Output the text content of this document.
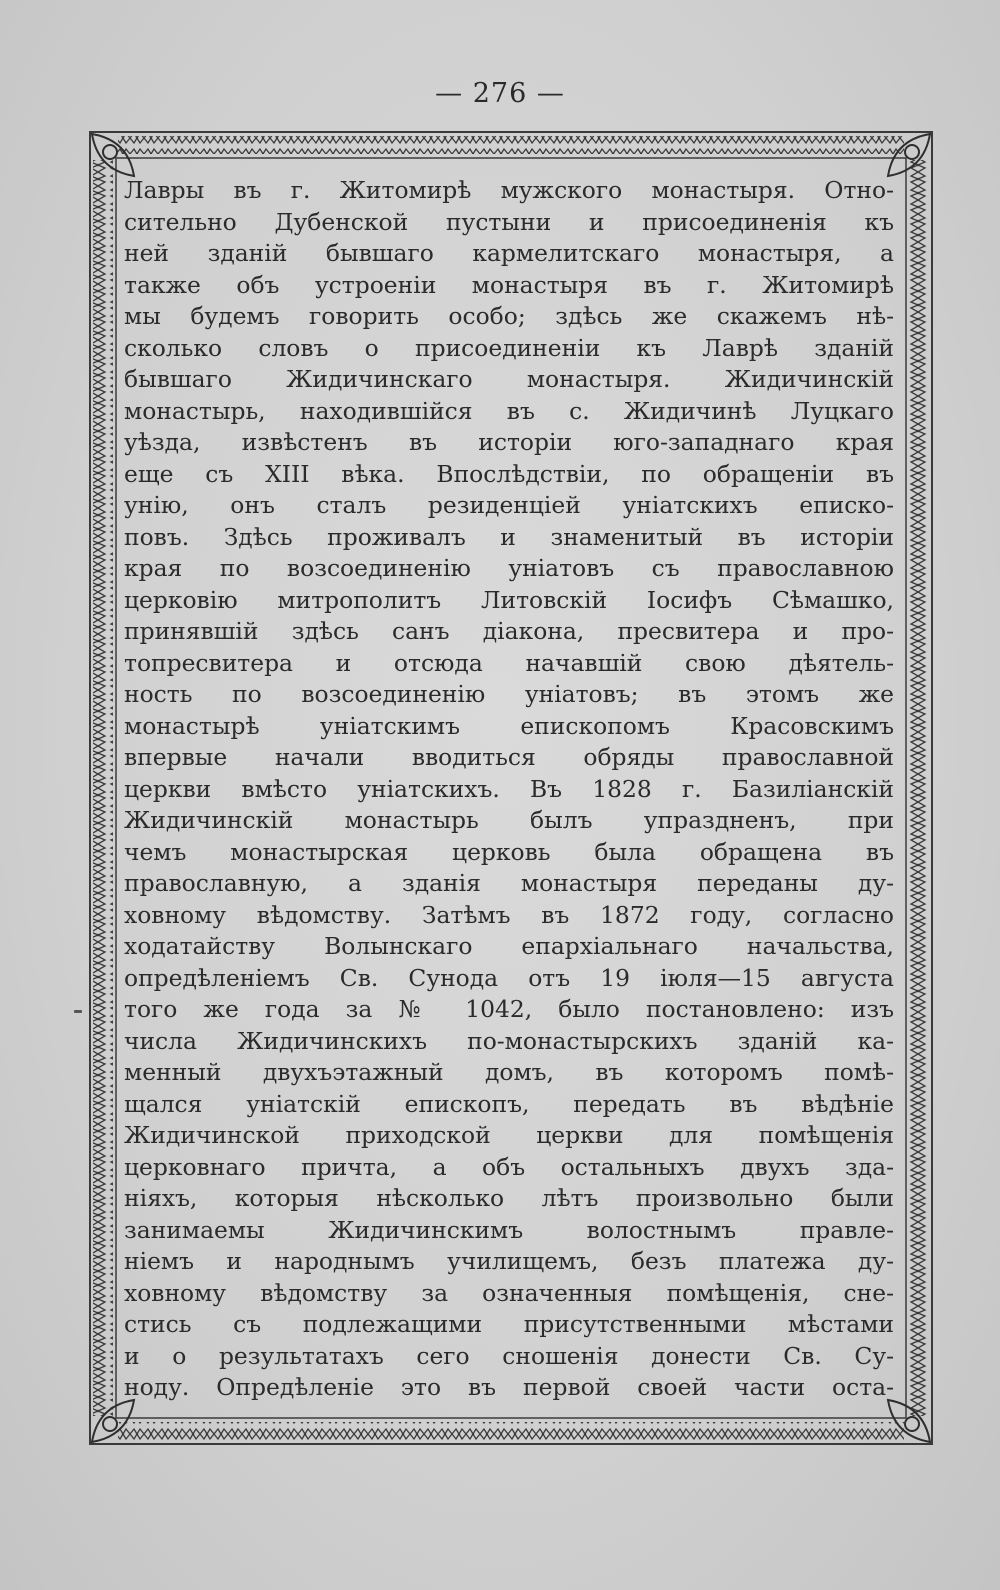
— 276 —
Лавры въ г. Житомирѣ мужского монастыря. Отно-
сительно Дубенской пустыни и присоединенія къ
ней зданій бывшаго кармелитскаго монастыря, а
также объ устроеніи монастыря въ г. Житомирѣ
мы будемъ говорить особо; здѣсь же скажемъ нѣ-
сколько словъ о присоединеніи къ Лаврѣ зданій
бывшаго Жидичинскаго монастыря. Жидичинскій
монастырь, находившійся въ с. Жидичинѣ Луцкаго
уѣзда, извѣстенъ въ исторіи юго-западнаго края
еще съ XIII вѣка. Впослѣдствіи, по обращеніи въ
унію, онъ сталъ резиденціей уніатскихъ еписко-
повъ. Здѣсь проживалъ и знаменитый въ исторіи
края по возсоединенію уніатовъ съ православною
церковію митрополитъ Литовскій Іосифъ Сѣмашко,
принявшій здѣсь санъ діакона, пресвитера и про-
топресвитера и отсюда начавшій свою дѣятель-
ность по возсоединенію уніатовъ; въ этомъ же
монастырѣ уніатскимъ епископомъ Красовскимъ
впервые начали вводиться обряды православной
церкви вмѣсто уніатскихъ. Въ 1828 г. Базиліанскій
Жидичинскій монастырь былъ упраздненъ, при
чемъ монастырская церковь была обращена въ
православную, а зданія монастыря переданы ду-
ховному вѣдомству. Затѣмъ въ 1872 году, согласно
ходатайству Волынскаго епархіальнаго начальства,
опредѣленіемъ Св. Сунода отъ 19 іюля—15 августа
того же года за № 1042, было постановлено: изъ
числа Жидичинскихъ по-монастырскихъ зданій ка-
менный двухъэтажный домъ, въ которомъ помѣ-
щался уніатскій епископъ, передать въ вѣдѣніе
Жидичинской приходской церкви для помѣщенія
церковнаго причта, а объ остальныхъ двухъ зда-
ніяхъ, которыя нѣсколько лѣтъ произвольно были
занимаемы Жидичинскимъ волостнымъ правле-
ніемъ и народнымъ училищемъ, безъ платежа ду-
ховному вѣдомству за означенныя помѣщенія, сне-
стись съ подлежащими присутственными мѣстами
и о результатахъ сего сношенія донести Св. Су-
ноду. Опредѣленіе это въ первой своей части оста-
